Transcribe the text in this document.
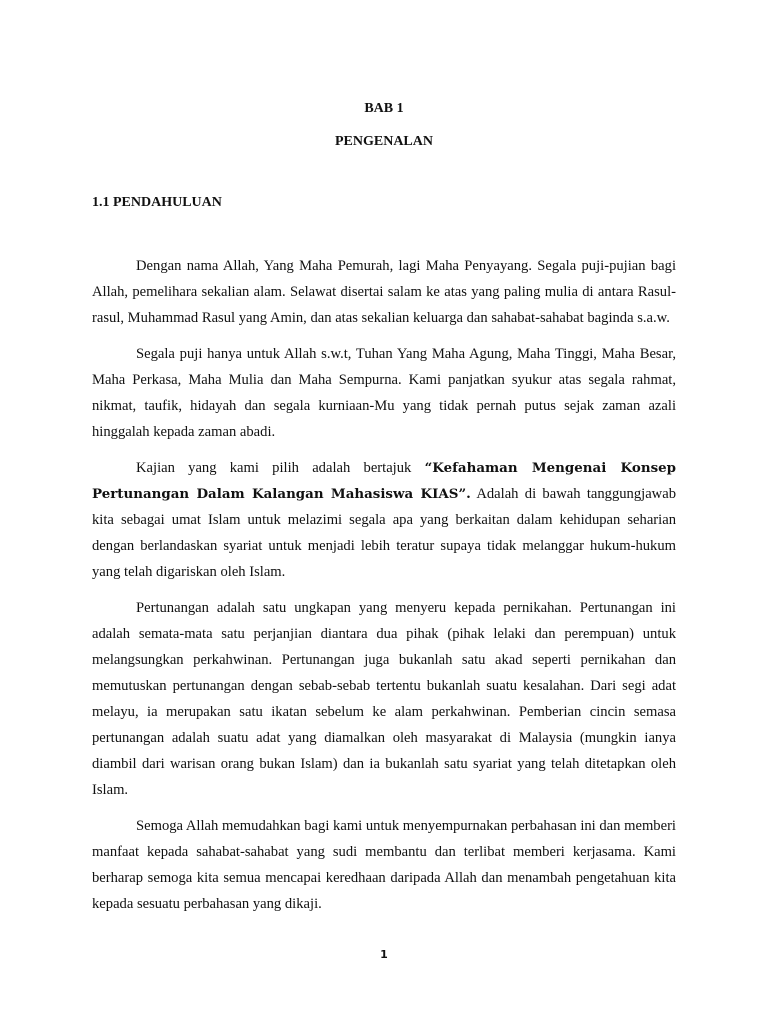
BAB 1
PENGENALAN
1.1 PENDAHULUAN

Dengan nama Allah, Yang Maha Pemurah, lagi Maha Penyayang. Segala puji-pujian bagi Allah, pemelihara sekalian alam. Selawat disertai salam ke atas yang paling mulia di antara Rasul-rasul, Muhammad Rasul yang Amin, dan atas sekalian keluarga dan sahabat-sahabat baginda s.a.w.

Segala puji hanya untuk Allah s.w.t, Tuhan Yang Maha Agung, Maha Tinggi, Maha Besar, Maha Perkasa, Maha Mulia dan Maha Sempurna. Kami panjatkan syukur atas segala rahmat, nikmat, taufik, hidayah dan segala kurniaan-Mu yang tidak pernah putus sejak zaman azali hinggalah kepada zaman abadi.

Kajian yang kami pilih adalah bertajuk “Kefahaman Mengenai Konsep Pertunangan Dalam Kalangan Mahasiswa KIAS”. Adalah di bawah tanggungjawab kita sebagai umat Islam untuk melazimi segala apa yang berkaitan dalam kehidupan seharian dengan berlandaskan syariat untuk menjadi lebih teratur supaya tidak melanggar hukum-hukum yang telah digariskan oleh Islam.

Pertunangan adalah satu ungkapan yang menyeru kepada pernikahan. Pertunangan ini adalah semata-mata satu perjanjian diantara dua pihak (pihak lelaki dan perempuan) untuk melangsungkan perkahwinan. Pertunangan juga bukanlah satu akad seperti pernikahan dan memutuskan pertunangan dengan sebab-sebab tertentu bukanlah suatu kesalahan. Dari segi adat melayu, ia merupakan satu ikatan sebelum ke alam perkahwinan. Pemberian cincin semasa pertunangan adalah suatu adat yang diamalkan oleh masyarakat di Malaysia (mungkin ianya diambil dari warisan orang bukan Islam) dan ia bukanlah satu syariat yang telah ditetapkan oleh Islam.

Semoga Allah memudahkan bagi kami untuk menyempurnakan perbahasan ini dan memberi manfaat kepada sahabat-sahabat yang sudi membantu dan terlibat memberi kerjasama. Kami berharap semoga kita semua mencapai keredhaan daripada Allah dan menambah pengetahuan kita kepada sesuatu perbahasan yang dikaji.

1
